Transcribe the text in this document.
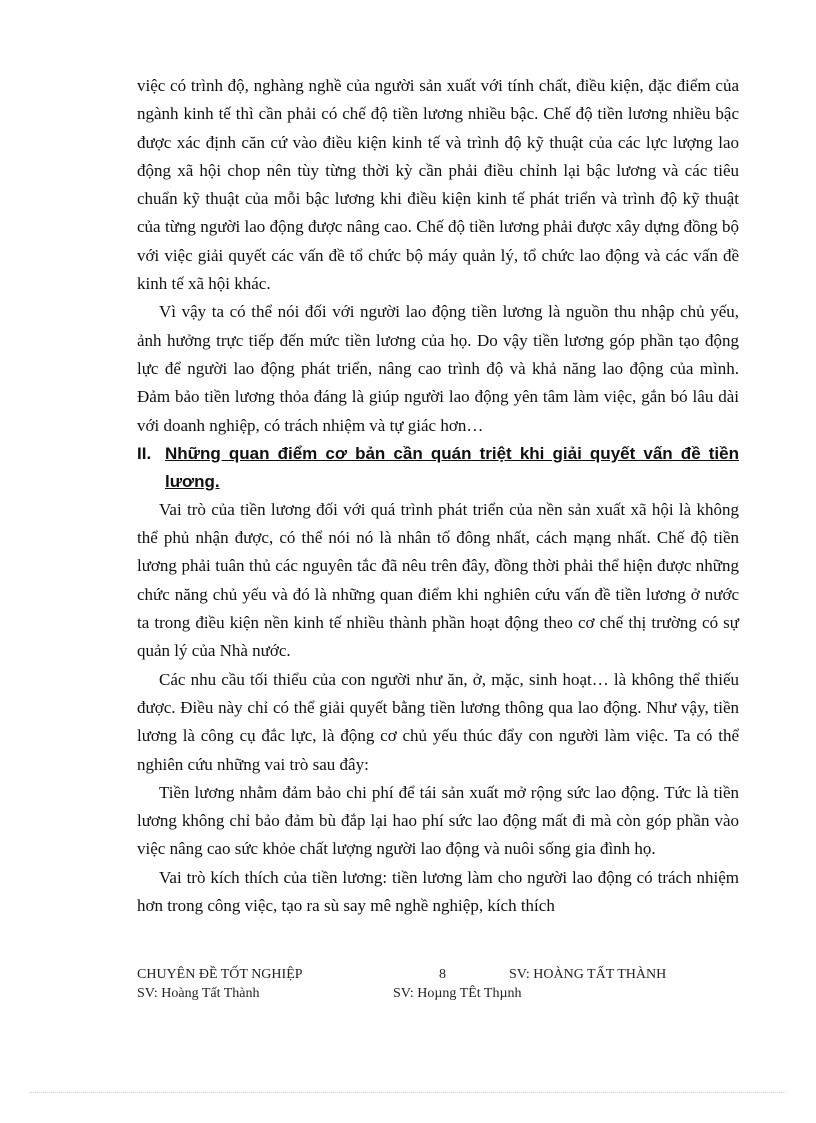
việc có trình độ, nghàng nghề của người sản xuất với tính chất, điều kiện, đặc điểm của ngành kinh tế thì cần phải có chế độ tiền lương nhiều bậc. Chế độ tiền lương nhiều bậc được xác định căn cứ vào điều kiện kinh tế và trình độ kỹ thuật của các lực lượng lao động xã hội chop nên tùy từng thời kỳ cần phải điều chỉnh lại bậc lương và các tiêu chuẩn kỹ thuật của mỗi bậc lương khi điều kiện kinh tế phát triển và trình độ kỹ thuật của từng người lao động được nâng cao. Chế độ tiền lương phải được xây dựng đồng bộ với việc giải quyết các vấn đề tổ chức bộ máy quản lý, tổ chức lao động và các vấn đề kinh tế xã hội khác.

Vì vậy ta có thể nói đối với người lao động tiền lương là nguồn thu nhập chủ yếu, ảnh hưởng trực tiếp đến mức tiền lương của họ. Do vậy tiền lương góp phần tạo động lực để người lao động phát triển, nâng cao trình độ và khả năng lao động của mình. Đảm bảo tiền lương thỏa đáng là giúp người lao động yên tâm làm việc, gắn bó lâu dài với doanh nghiệp, có trách nhiệm và tự giác hơn…

II. Những quan điểm cơ bản cần quán triệt khi giải quyết vấn đề tiền lương.

Vai trò của tiền lương đối với quá trình phát triển của nền sản xuất xã hội là không thể phủ nhận được, có thể nói nó là nhân tố đông nhất, cách mạng nhất. Chế độ tiền lương phải tuân thủ các nguyên tắc đã nêu trên đây, đồng thời phải thể hiện được những chức năng chủ yếu và đó là những quan điểm khi nghiên cứu vấn đề tiền lương ở nước ta trong điều kiện nền kinh tế nhiều thành phần hoạt động theo cơ chế thị trường có sự quản lý của Nhà nước.

Các nhu cầu tối thiểu của con người như ăn, ở, mặc, sinh hoạt… là không thể thiếu được. Điều này chỉ có thể giải quyết bằng tiền lương thông qua lao động. Như vậy, tiền lương là công cụ đắc lực, là động cơ chủ yếu thúc đẩy con người làm việc. Ta có thể nghiên cứu những vai trò sau đây:

Tiền lương nhằm đảm bảo chi phí để tái sản xuất mở rộng sức lao động. Tức là tiền lương không chỉ bảo đảm bù đắp lại hao phí sức lao động mất đi mà còn góp phần vào việc nâng cao sức khỏe chất lượng người lao động và nuôi sống gia đình họ.

Vai trò kích thích của tiền lương: tiền lương làm cho người lao động có trách nhiệm hơn trong công việc, tạo ra sù say mê nghề nghiệp, kích thích

CHUYÊN ĐỀ TỐT NGHIỆP	8	SV: HOÀNG TẤT THÀNH
SV: Hoàng Tất Thành	SV: Hoµng TÊt Thµnh
